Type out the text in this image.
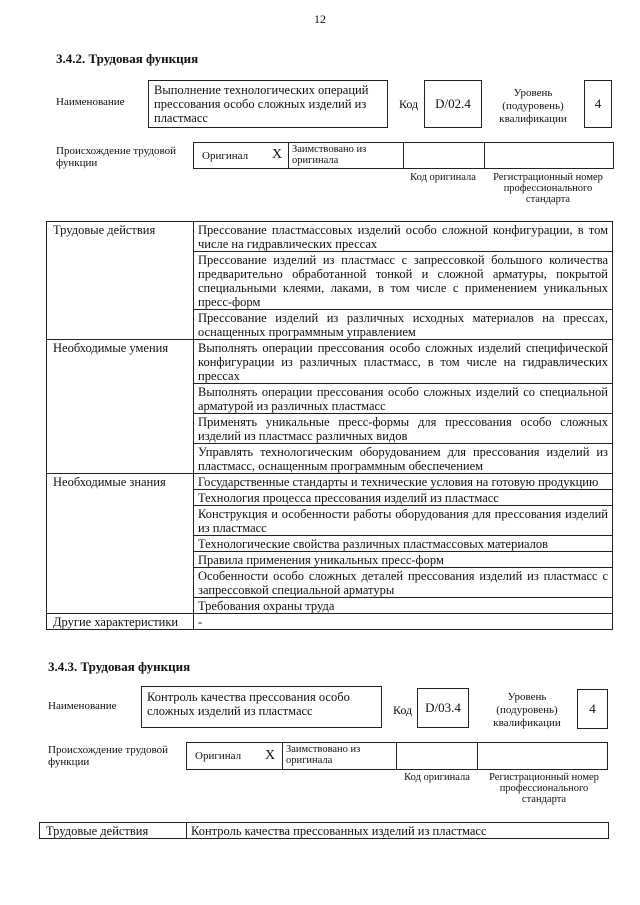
12
3.4.2. Трудовая функция
Наименование
Выполнение технологических операций прессования особо сложных изделий из пластмасс
Код	D/02.4
Уровень (подуровень) квалификации
4
Происхождение трудовой функции
Оригинал X Заимствовано из оригинала
Код оригинала	Регистрационный номер профессионального стандарта
Трудовые действия	Прессование пластмассовых изделий особо сложной конфигурации, в том числе на гидравлических прессах
	Прессование изделий из пластмасс с запрессовкой большого количества предварительно обработанной тонкой и сложной арматуры, покрытой специальными клеями, лаками, в том числе с применением уникальных пресс-форм
	Прессование изделий из различных исходных материалов на прессах, оснащенных программным управлением
Необходимые умения	Выполнять операции прессования особо сложных изделий специфической конфигурации из различных пластмасс, в том числе на гидравлических прессах
	Выполнять операции прессования особо сложных изделий со специальной арматурой из различных пластмасс
	Применять уникальные пресс-формы для прессования особо сложных изделий из пластмасс различных видов
	Управлять технологическим оборудованием для прессования изделий из пластмасс, оснащенным программным обеспечением
Необходимые знания	Государственные стандарты и технические условия на готовую продукцию
	Технология процесса прессования изделий из пластмасс
	Конструкция и особенности работы оборудования для прессования изделий из пластмасс
	Технологические свойства различных пластмассовых материалов
	Правила применения уникальных пресс-форм
	Особенности особо сложных деталей прессования изделий из пластмасс с запрессовкой специальной арматуры
	Требования охраны труда
Другие характеристики	-
3.4.3. Трудовая функция
Наименование
Контроль качества прессования особо сложных изделий из пластмасс	Код D/03.4
Уровень (подуровень) квалификации
4
Происхождение трудовой функции	Оригинал X Заимствовано из оригинала
Код оригинала	Регистрационный номер профессионального стандарта
Трудовые действия	Контроль качества прессованных изделий из пластмасс
